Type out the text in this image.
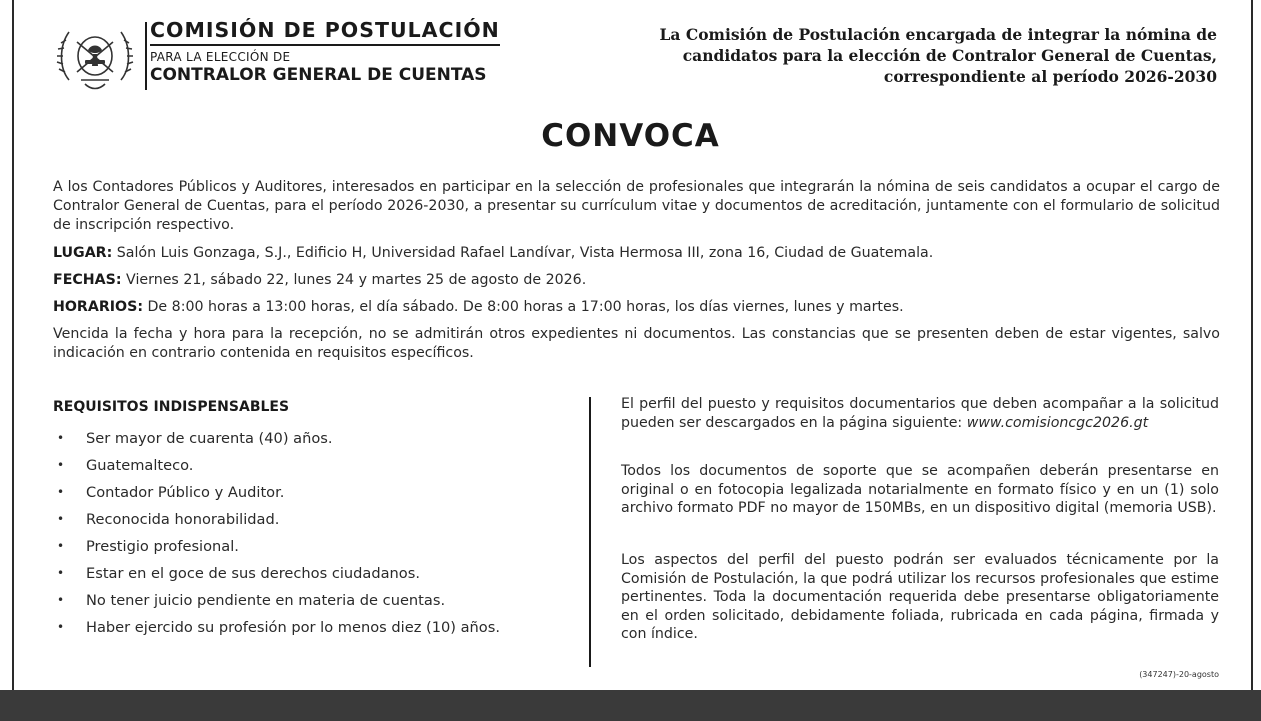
COMISIÓN DE POSTULACIÓN
PARA LA ELECCIÓN DE
CONTRALOR GENERAL DE CUENTAS
La Comisión de Postulación encargada de integrar la nómina de
candidatos para la elección de Contralor General de Cuentas,
correspondiente al período 2026-2030
CONVOCA
A los Contadores Públicos y Auditores, interesados en participar en la selección de profesionales que integrarán la nómina de seis candidatos a ocupar el cargo de Contralor General de Cuentas, para el período 2026-2030, a presentar su currículum vitae y documentos de acreditación, juntamente con el formulario de solicitud de inscripción respectivo.
LUGAR: Salón Luis Gonzaga, S.J., Edificio H, Universidad Rafael Landívar, Vista Hermosa III, zona 16, Ciudad de Guatemala.
FECHAS: Viernes 21, sábado 22, lunes 24 y martes 25 de agosto de 2026.
HORARIOS: De 8:00 horas a 13:00 horas, el día sábado. De 8:00 horas a 17:00 horas, los días viernes, lunes y martes.
Vencida la fecha y hora para la recepción, no se admitirán otros expedientes ni documentos. Las constancias que se presenten deben de estar vigentes, salvo indicación en contrario contenida en requisitos específicos.
REQUISITOS INDISPENSABLES
• Ser mayor de cuarenta (40) años.
• Guatemalteco.
• Contador Público y Auditor.
• Reconocida honorabilidad.
• Prestigio profesional.
• Estar en el goce de sus derechos ciudadanos.
• No tener juicio pendiente en materia de cuentas.
• Haber ejercido su profesión por lo menos diez (10) años.
El perfil del puesto y requisitos documentarios que deben acompañar a la solicitud pueden ser descargados en la página siguiente: www.comisioncgc2026.gt
Todos los documentos de soporte que se acompañen deberán presentarse en original o en fotocopia legalizada notarialmente en formato físico y en un (1) solo archivo formato PDF no mayor de 150MBs, en un dispositivo digital (memoria USB).
Los aspectos del perfil del puesto podrán ser evaluados técnicamente por la Comisión de Postulación, la que podrá utilizar los recursos profesionales que estime pertinentes. Toda la documentación requerida debe presentarse obligatoriamente en el orden solicitado, debidamente foliada, rubricada en cada página, firmada y con índice.
(347247)-20-agosto
